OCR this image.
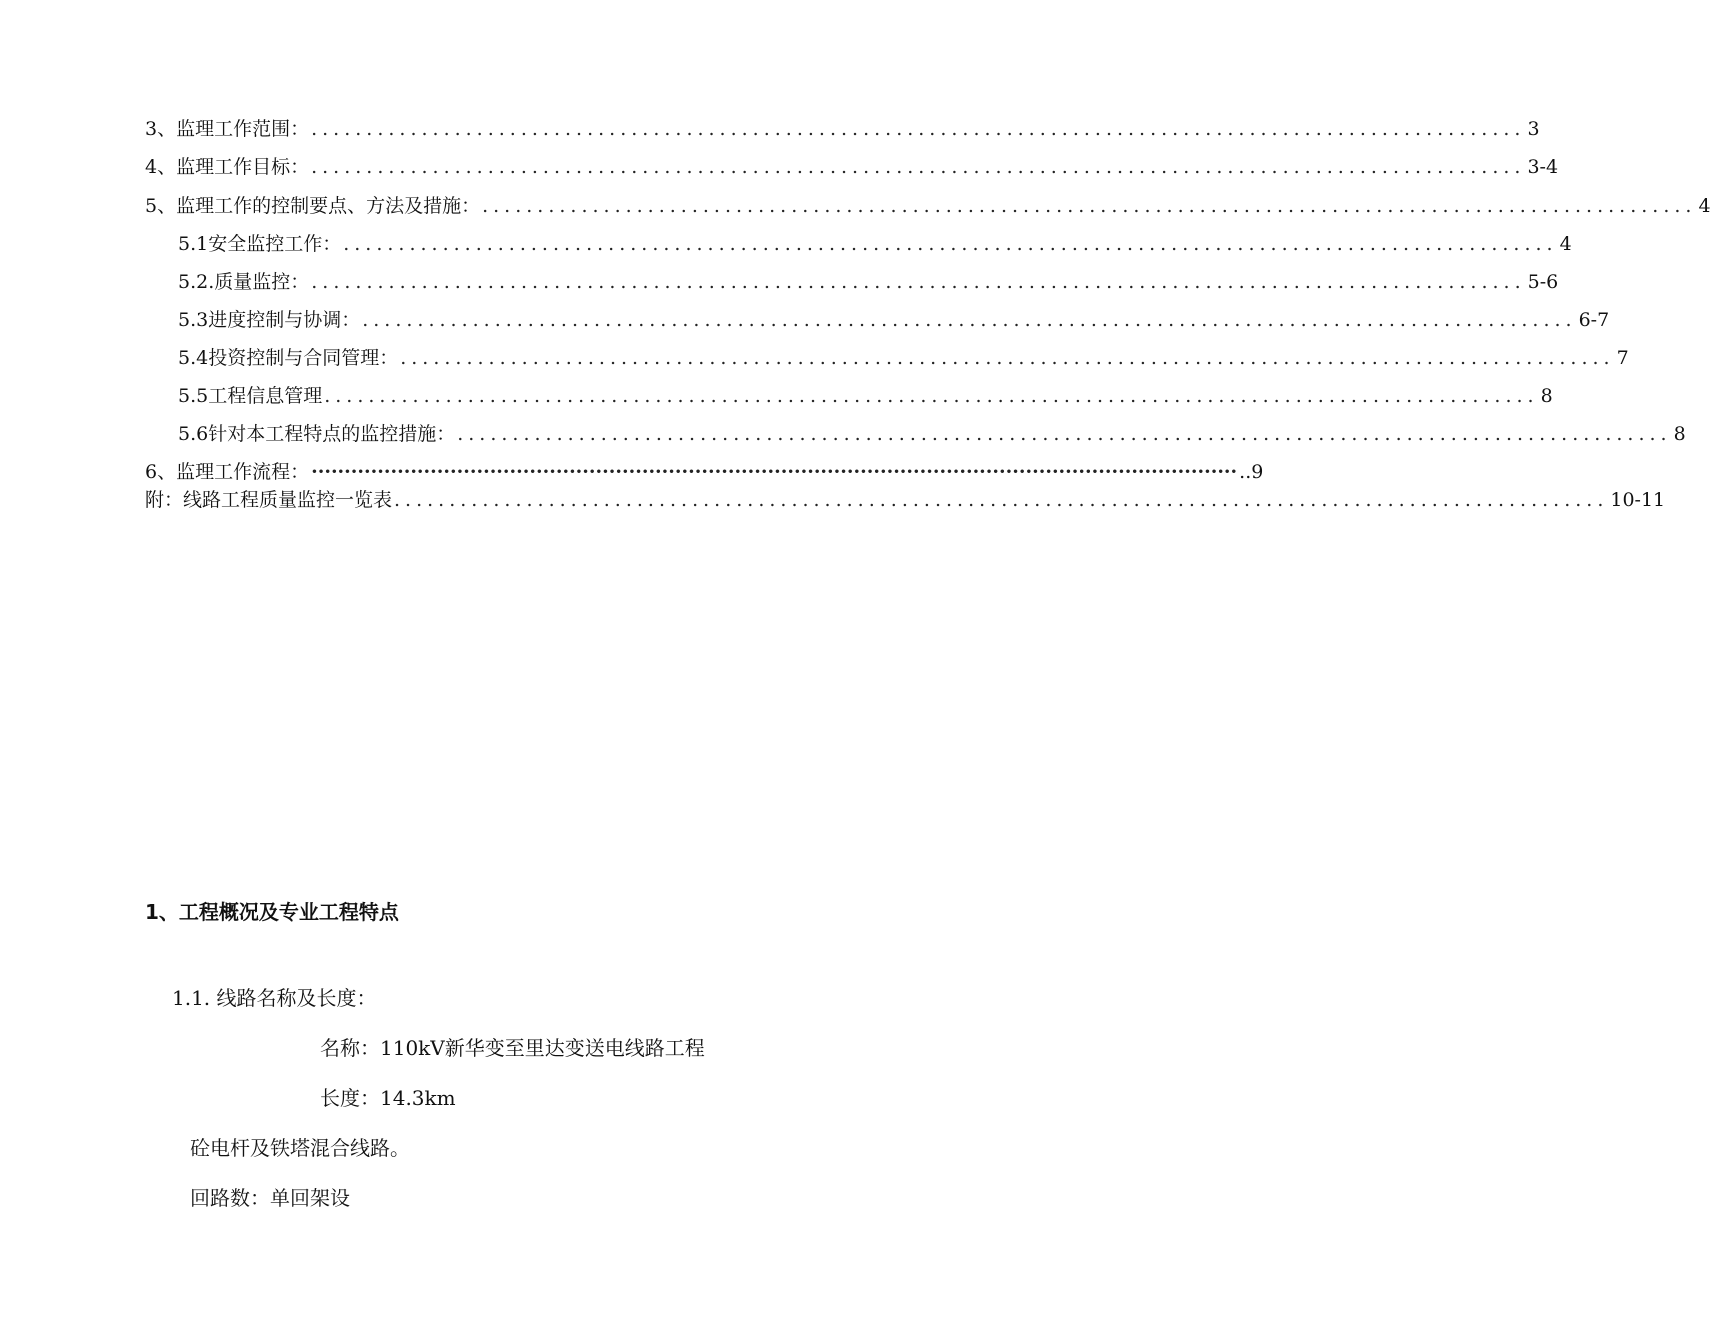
3、监理工作范围： .............................................................................................................. 3
4、监理工作目标： .............................................................................................................. 3-4
5、监理工作的控制要点、方法及措施： .............................................................................................................. 4
5.1安全监控工作： .............................................................................................................. 4
5.2.质量监控： .............................................................................................................. 5-6
5.3进度控制与协调： .............................................................................................................. 6-7
5.4投资控制与合同管理： .............................................................................................................. 7
5.5工程信息管理 .............................................................................................................. 8
5.6针对本工程特点的监控措施： .............................................................................................................. 8
6、监理工作流程： ············································································································································ ..9
附：线路工程质量监控一览表 .............................................................................................................. 10-11
1、工程概况及专业工程特点
1.1. 线路名称及长度：
名称：110kV新华变至里达变送电线路工程
长度：14.3km
砼电杆及铁塔混合线路。
回路数：单回架设
